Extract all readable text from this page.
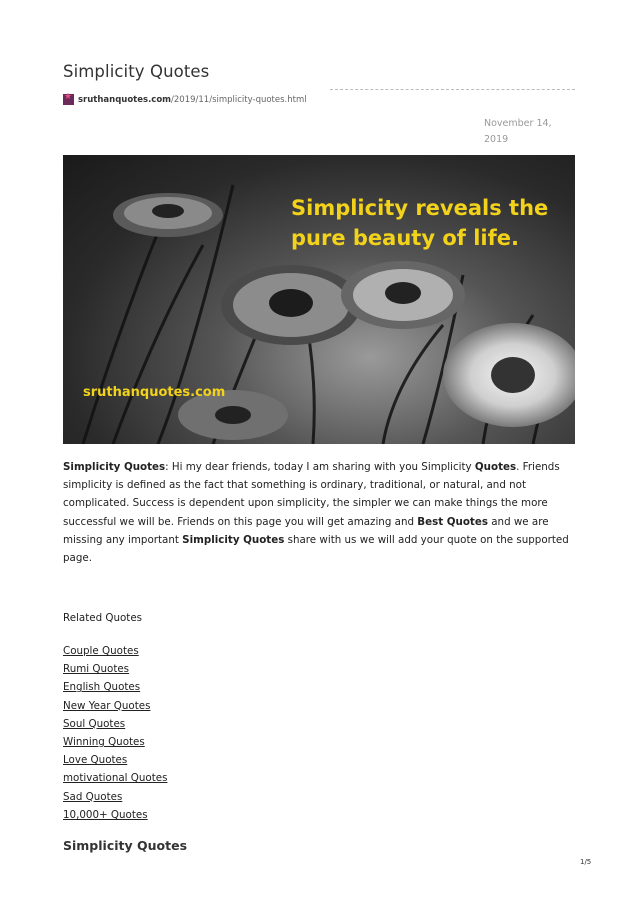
Simplicity Quotes
★
sruthanquotes.com /2019/11/simplicity-quotes.html
November 14,
2019
Simplicity reveals the
pure beauty of life.
sruthanquotes.com

Simplicity Quotes: Hi my dear friends, today I am sharing with you Simplicity Quotes. Friends simplicity is defined as the fact that something is ordinary, traditional, or natural, and not complicated. Success is dependent upon simplicity, the simpler we can make things the more successful we will be. Friends on this page you will get amazing and Best Quotes and we are missing any important Simplicity Quotes share with us we will add your quote on the supported page.

Related Quotes
Couple Quotes
Rumi Quotes
English Quotes
New Year Quotes
Soul Quotes
Winning Quotes
Love Quotes
motivational Quotes
Sad Quotes
10,000+ Quotes
Simplicity Quotes
1/5
